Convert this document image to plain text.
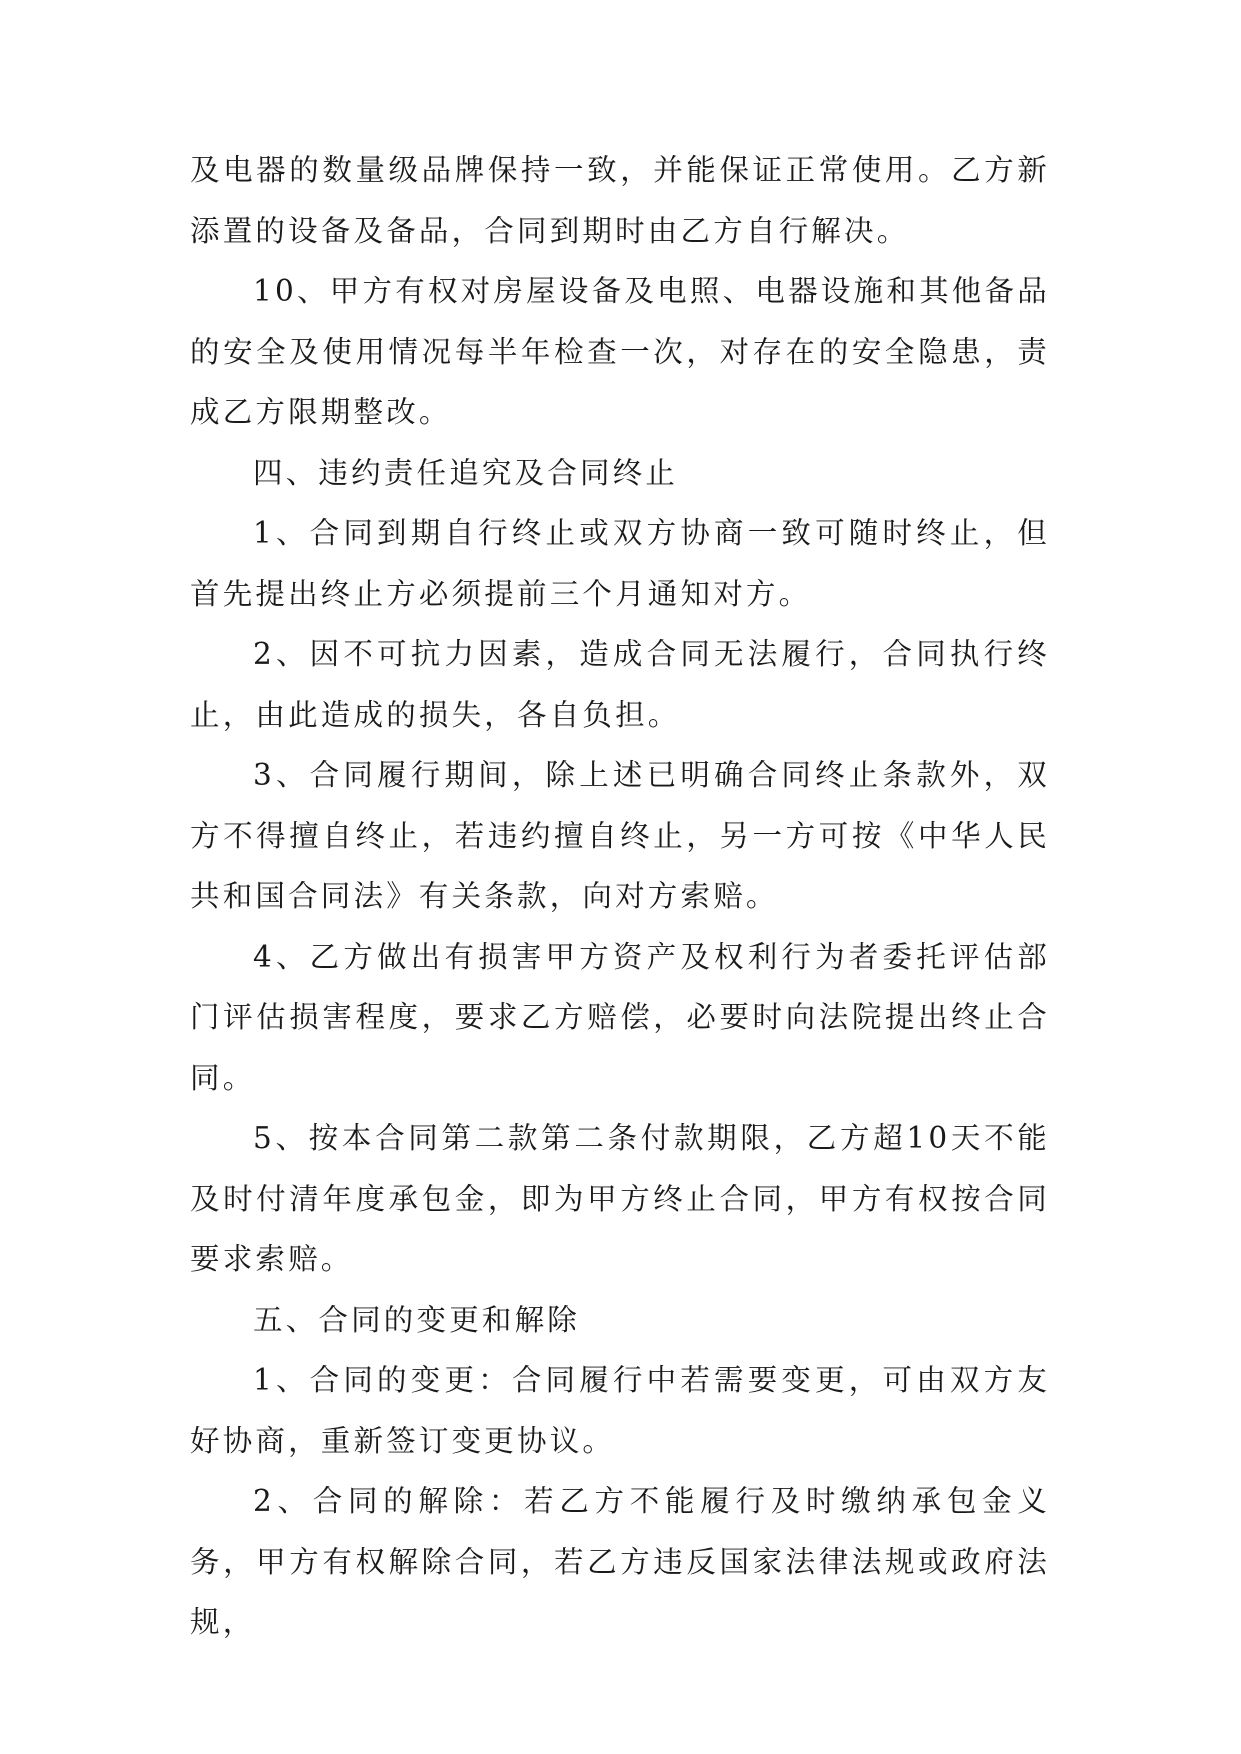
及电器的数量级品牌保持一致，并能保证正常使用。乙方新添置的设备及备品，合同到期时由乙方自行解决。

10、甲方有权对房屋设备及电照、电器设施和其他备品的安全及使用情况每半年检查一次，对存在的安全隐患，责成乙方限期整改。

四、违约责任追究及合同终止

1、合同到期自行终止或双方协商一致可随时终止，但首先提出终止方必须提前三个月通知对方。

2、因不可抗力因素，造成合同无法履行，合同执行终止，由此造成的损失，各自负担。

3、合同履行期间，除上述已明确合同终止条款外，双方不得擅自终止，若违约擅自终止，另一方可按《中华人民共和国合同法》有关条款，向对方索赔。

4、乙方做出有损害甲方资产及权利行为者委托评估部门评估损害程度，要求乙方赔偿，必要时向法院提出终止合同。

5、按本合同第二款第二条付款期限，乙方超10天不能及时付清年度承包金，即为甲方终止合同，甲方有权按合同要求索赔。

五、合同的变更和解除

1、合同的变更：合同履行中若需要变更，可由双方友好协商，重新签订变更协议。

2、合同的解除：若乙方不能履行及时缴纳承包金义务，甲方有权解除合同，若乙方违反国家法律法规或政府法规，
